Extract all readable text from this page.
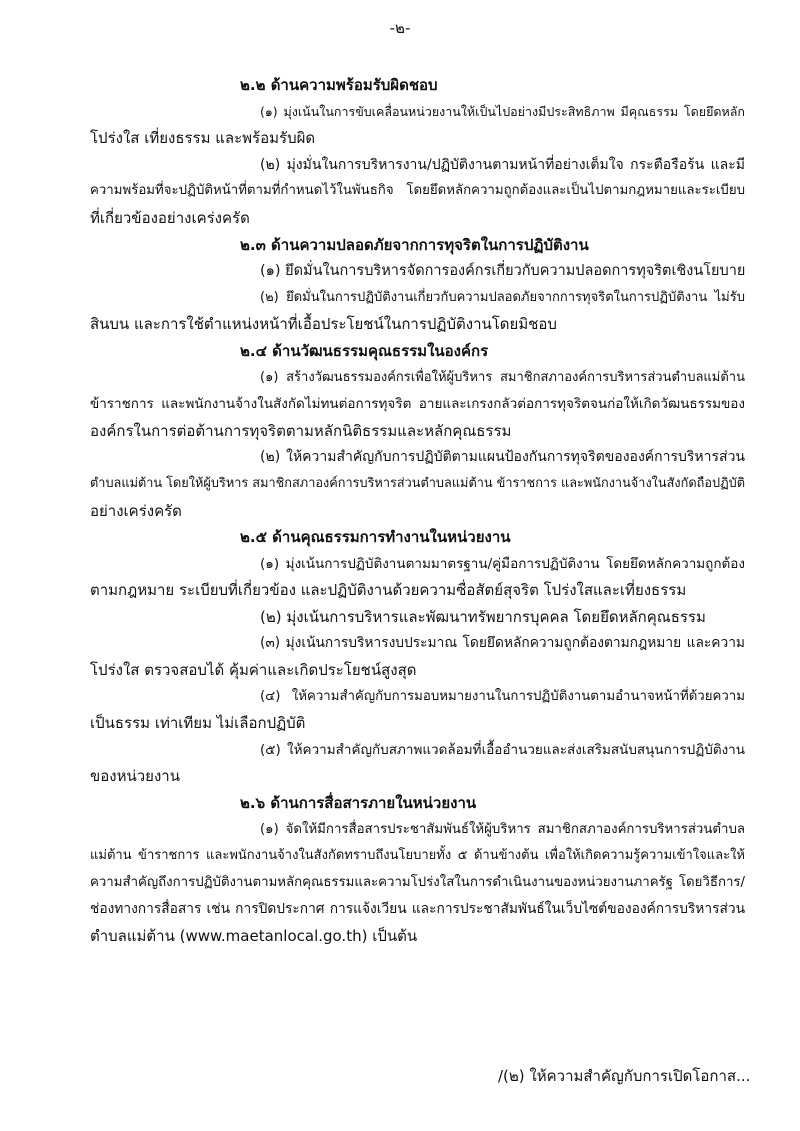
-๒-
๒.๒ ด้านความพร้อมรับผิดชอบ
(๑) มุ่งเน้นในการขับเคลื่อนหน่วยงานให้เป็นไปอย่างมีประสิทธิภาพ มีคุณธรรม โดยยึดหลัก
โปร่งใส เที่ยงธรรม และพร้อมรับผิด
(๒) มุ่งมั่นในการบริหารงาน/ปฏิบัติงานตามหน้าที่อย่างเต็มใจ กระตือรือร้น และมี
ความพร้อมที่จะปฏิบัติหน้าที่ตามที่กำหนดไว้ในพันธกิจ โดยยึดหลักความถูกต้องและเป็นไปตามกฎหมายและระเบียบ
ที่เกี่ยวข้องอย่างเคร่งครัด
๒.๓ ด้านความปลอดภัยจากการทุจริตในการปฏิบัติงาน
(๑) ยึดมั่นในการบริหารจัดการองค์กรเกี่ยวกับความปลอดการทุจริตเชิงนโยบาย
(๒) ยึดมั่นในการปฏิบัติงานเกี่ยวกับความปลอดภัยจากการทุจริตในการปฏิบัติงาน ไม่รับ
สินบน และการใช้ตำแหน่งหน้าที่เอื้อประโยชน์ในการปฏิบัติงานโดยมิชอบ
๒.๔ ด้านวัฒนธรรมคุณธรรมในองค์กร
(๑) สร้างวัฒนธรรมองค์กรเพื่อให้ผู้บริหาร สมาชิกสภาองค์การบริหารส่วนตำบลแม่ต้าน
ข้าราชการ และพนักงานจ้างในสังกัดไม่ทนต่อการทุจริต อายและเกรงกลัวต่อการทุจริตจนก่อให้เกิดวัฒนธรรมของ
องค์กรในการต่อต้านการทุจริตตามหลักนิติธรรมและหลักคุณธรรม
(๒) ให้ความสำคัญกับการปฏิบัติตามแผนป้องกันการทุจริตขององค์การบริหารส่วน
ตำบลแม่ต้าน โดยให้ผู้บริหาร สมาชิกสภาองค์การบริหารส่วนตำบลแม่ต้าน ข้าราชการ และพนักงานจ้างในสังกัดถือปฏิบัติ
อย่างเคร่งครัด
๒.๕ ด้านคุณธรรมการทำงานในหน่วยงาน
(๑) มุ่งเน้นการปฏิบัติงานตามมาตรฐาน/คู่มือการปฏิบัติงาน โดยยึดหลักความถูกต้อง
ตามกฎหมาย ระเบียบที่เกี่ยวข้อง และปฏิบัติงานด้วยความซื่อสัตย์สุจริต โปร่งใสและเที่ยงธรรม
(๒) มุ่งเน้นการบริหารและพัฒนาทรัพยากรบุคคล โดยยึดหลักคุณธรรม
(๓) มุ่งเน้นการบริหารงบประมาณ โดยยึดหลักความถูกต้องตามกฎหมาย และความ
โปร่งใส ตรวจสอบได้ คุ้มค่าและเกิดประโยชน์สูงสุด
(๔) ให้ความสำคัญกับการมอบหมายงานในการปฏิบัติงานตามอำนาจหน้าที่ด้วยความ
เป็นธรรม เท่าเทียม ไม่เลือกปฏิบัติ
(๕) ให้ความสำคัญกับสภาพแวดล้อมที่เอื้ออำนวยและส่งเสริมสนับสนุนการปฏิบัติงาน
ของหน่วยงาน
๒.๖ ด้านการสื่อสารภายในหน่วยงาน
(๑) จัดให้มีการสื่อสารประชาสัมพันธ์ให้ผู้บริหาร สมาชิกสภาองค์การบริหารส่วนตำบล
แม่ต้าน ข้าราชการ และพนักงานจ้างในสังกัดทราบถึงนโยบายทั้ง ๕ ด้านข้างต้น เพื่อให้เกิดความรู้ความเข้าใจและให้
ความสำคัญถึงการปฏิบัติงานตามหลักคุณธรรมและความโปร่งใสในการดำเนินงานของหน่วยงานภาครัฐ โดยวิธีการ/
ช่องทางการสื่อสาร เช่น การปิดประกาศ การแจ้งเวียน และการประชาสัมพันธ์ในเว็บไซต์ขององค์การบริหารส่วน
ตำบลแม่ต้าน (www.maetanlocal.go.th) เป็นต้น
/(๒) ให้ความสำคัญกับการเปิดโอกาส...
